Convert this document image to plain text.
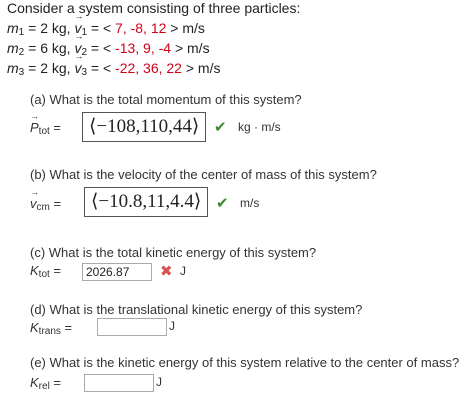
Consider a system consisting of three particles:
$m_1 = 2$ kg, → $v_1$ = < 7, -8, 12 > m/s
$m_2 = 6$ kg, → $v_2$ = < -13, 9, -4 > m/s
$m_3 = 2$ kg, → $v_3$ = < -22, 36, 22 > m/s
(a) What is the total momentum of this system?
→ $P_{tot}$ =	⟨−108,110,44⟩ ✔ kg · m/s
(b) What is the velocity of the center of mass of this system?
→ $v_{cm}$ =	⟨−10.8,11,4.4⟩ ✔ m/s
(c) What is the total kinetic energy of this system?
$K_{tot}$ =	2026.87	✖ J
(d) What is the translational kinetic energy of this system?
$K_{trans}$ =	J
(e) What is the kinetic energy of this system relative to the center of mass?
$K_{rel}$ =	J
